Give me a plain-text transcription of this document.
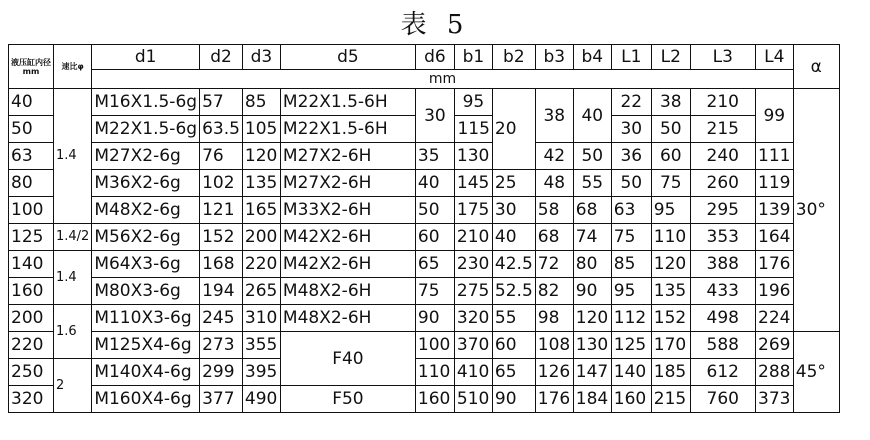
表 5
液压缸内径mm	速比φ	d1	d2	d3	d5	d6	b1	b2	b3	b4	L1	L2	L3	L4	α
		mm													
40	1.4	M16X1.5-6g	57	85	M22X1.5-6H	30	95	20	38	40	22	38	210	99	30°
50		M22X1.5-6g	63.5	105	M22X1.5-6H		115				30	50	215		
63		M27X2-6g	76	120	M27X2-6H	35	130		42	50	36	60	240	111	
80		M36X2-6g	102	135	M27X2-6H	40	145	25	48	55	50	75	260	119	
100		M48X2-6g	121	165	M33X2-6H	50	175	30	58	68	63	95	295	139	
125	1.4/2	M56X2-6g	152	200	M42X2-6H	60	210	40	68	74	75	110	353	164	
140	1.4	M64X3-6g	168	220	M42X2-6H	65	230	42.5	72	80	85	120	388	176	
160		M80X3-6g	194	265	M48X2-6H	75	275	52.5	82	90	95	135	433	196	
200	1.6	M110X3-6g	245	310	M48X2-6H	90	320	55	98	120	112	152	498	224	
220		M125X4-6g	273	355	F40	100	370	60	108	130	125	170	588	269	45°
250	2	M140X4-6g	299	395		110	410	65	126	147	140	185	612	288	
320		M160X4-6g	377	490	F50	160	510	90	176	184	160	215	760	373	
